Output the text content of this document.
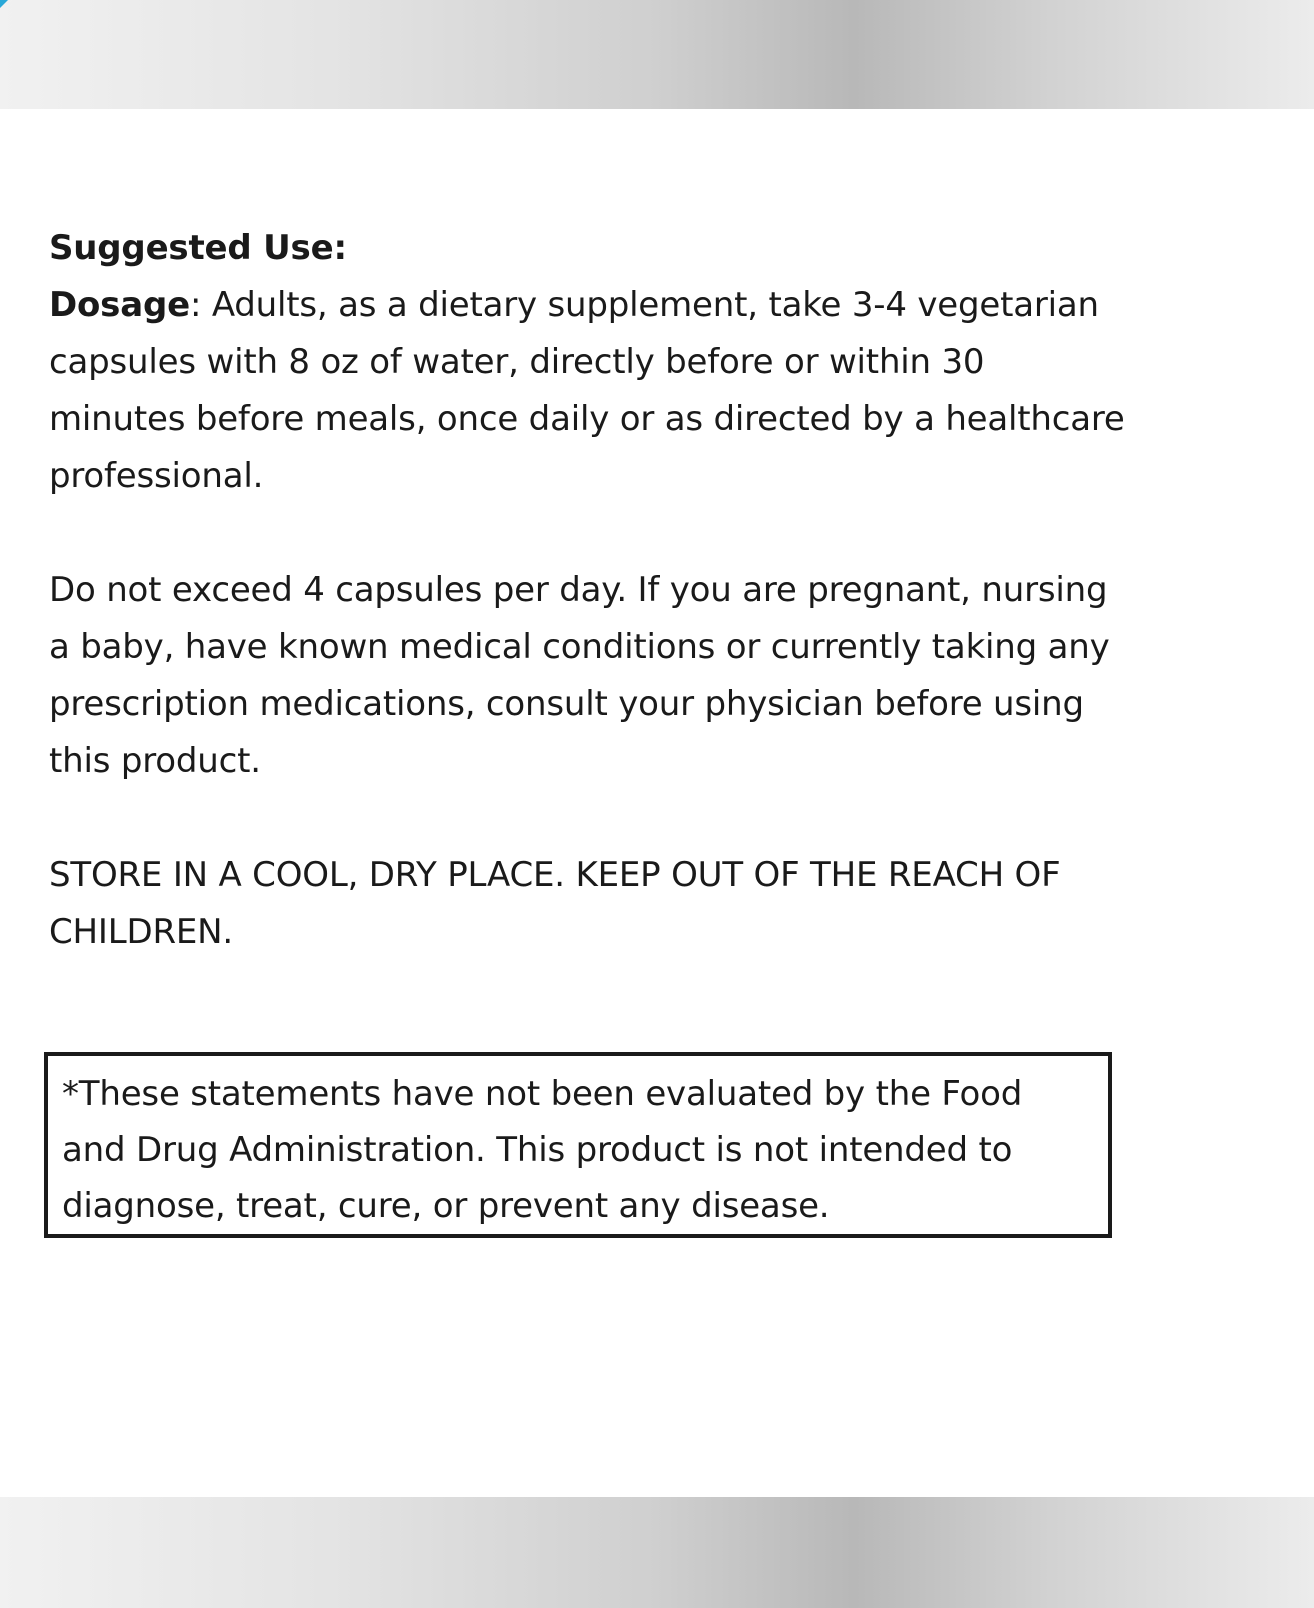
Suggested Use:

Dosage: Adults, as a dietary supplement, take 3-4 vegetarian capsules with 8 oz of water, directly before or within 30 minutes before meals, once daily or as directed by a healthcare professional.

Do not exceed 4 capsules per day. If you are pregnant, nursing a baby, have known medical conditions or currently taking any prescription medications, consult your physician before using this product.

STORE IN A COOL, DRY PLACE. KEEP OUT OF THE REACH OF CHILDREN.

*These statements have not been evaluated by the Food and Drug Administration. This product is not intended to diagnose, treat, cure, or prevent any disease.
